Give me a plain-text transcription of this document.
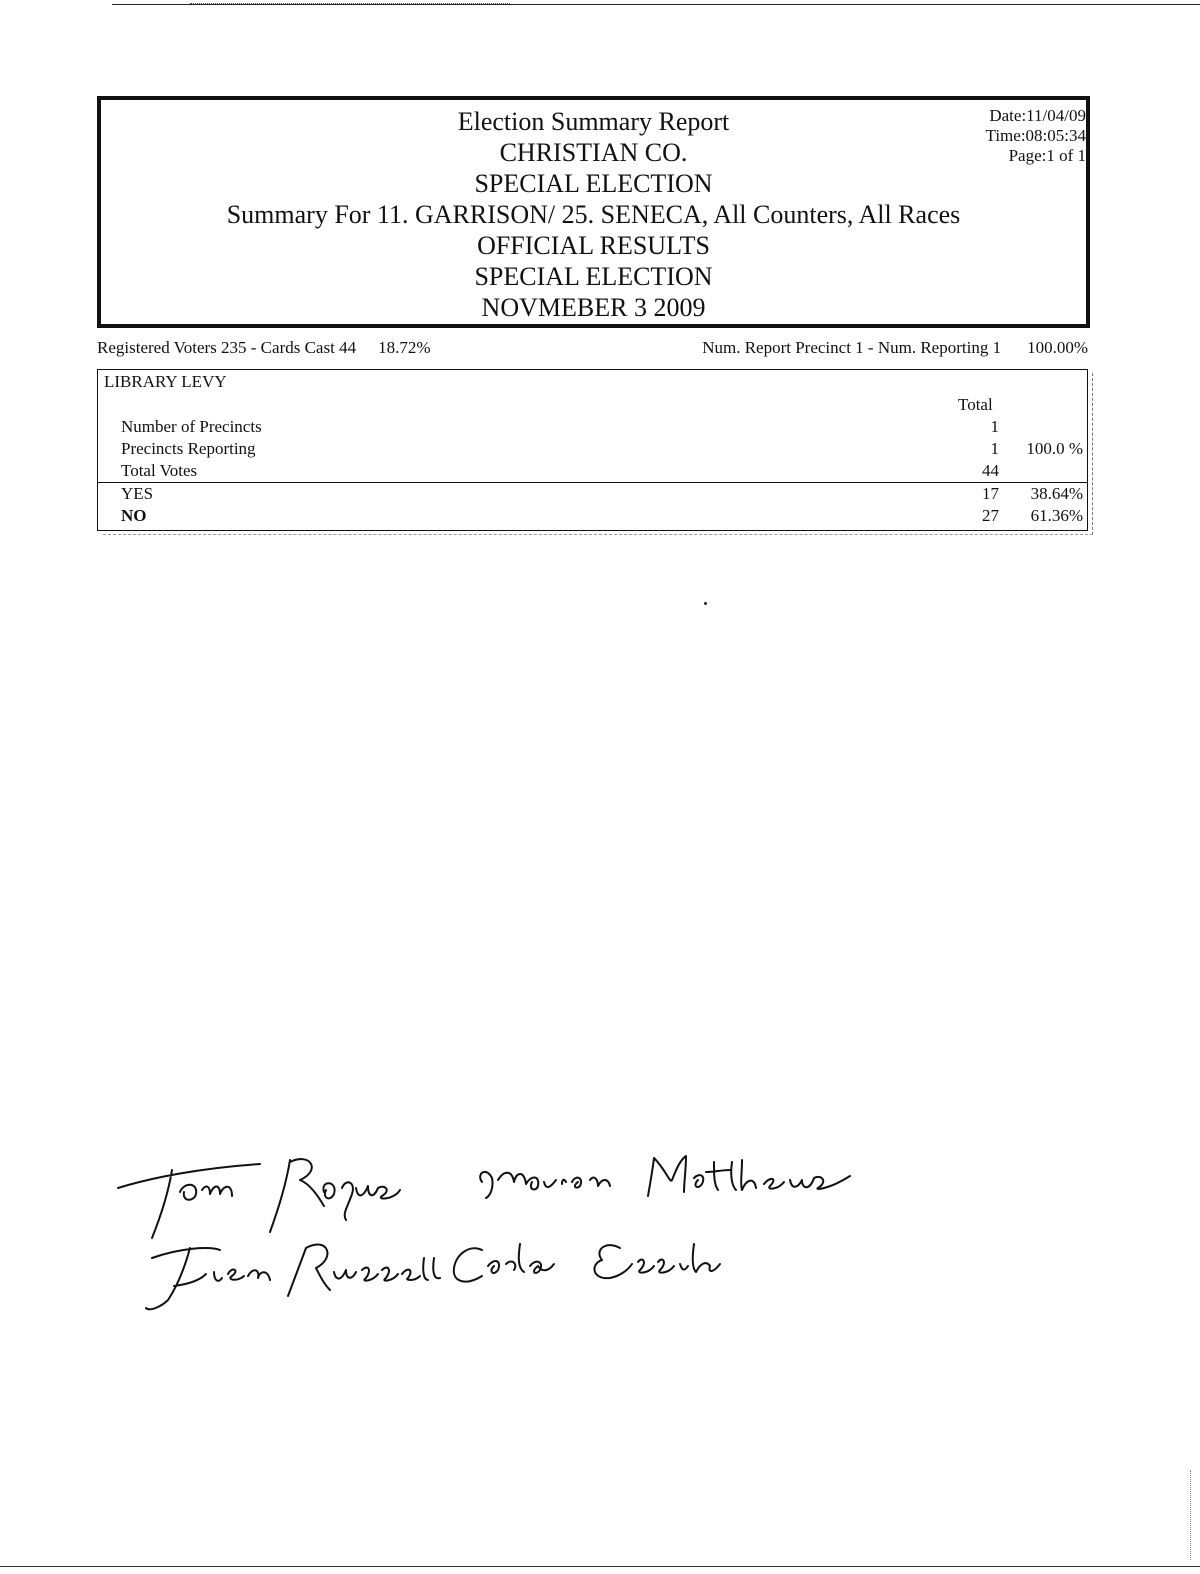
Election Summary Report
CHRISTIAN CO.
SPECIAL ELECTION
Summary For 11. GARRISON/ 25. SENECA, All Counters, All Races
OFFICIAL RESULTS
SPECIAL ELECTION
NOVMEBER 3 2009
Date:11/04/09
Time:08:05:34
Page:1 of 1
Registered Voters 235 - Cards Cast 44 18.72%	Num. Report Precinct 1 - Num. Reporting 1 100.00%
LIBRARY LEVY
Total
Number of Precincts	1
Precincts Reporting	1 100.0 %
Total Votes	44
YES	17 38.64%
NO	27 61.36%
